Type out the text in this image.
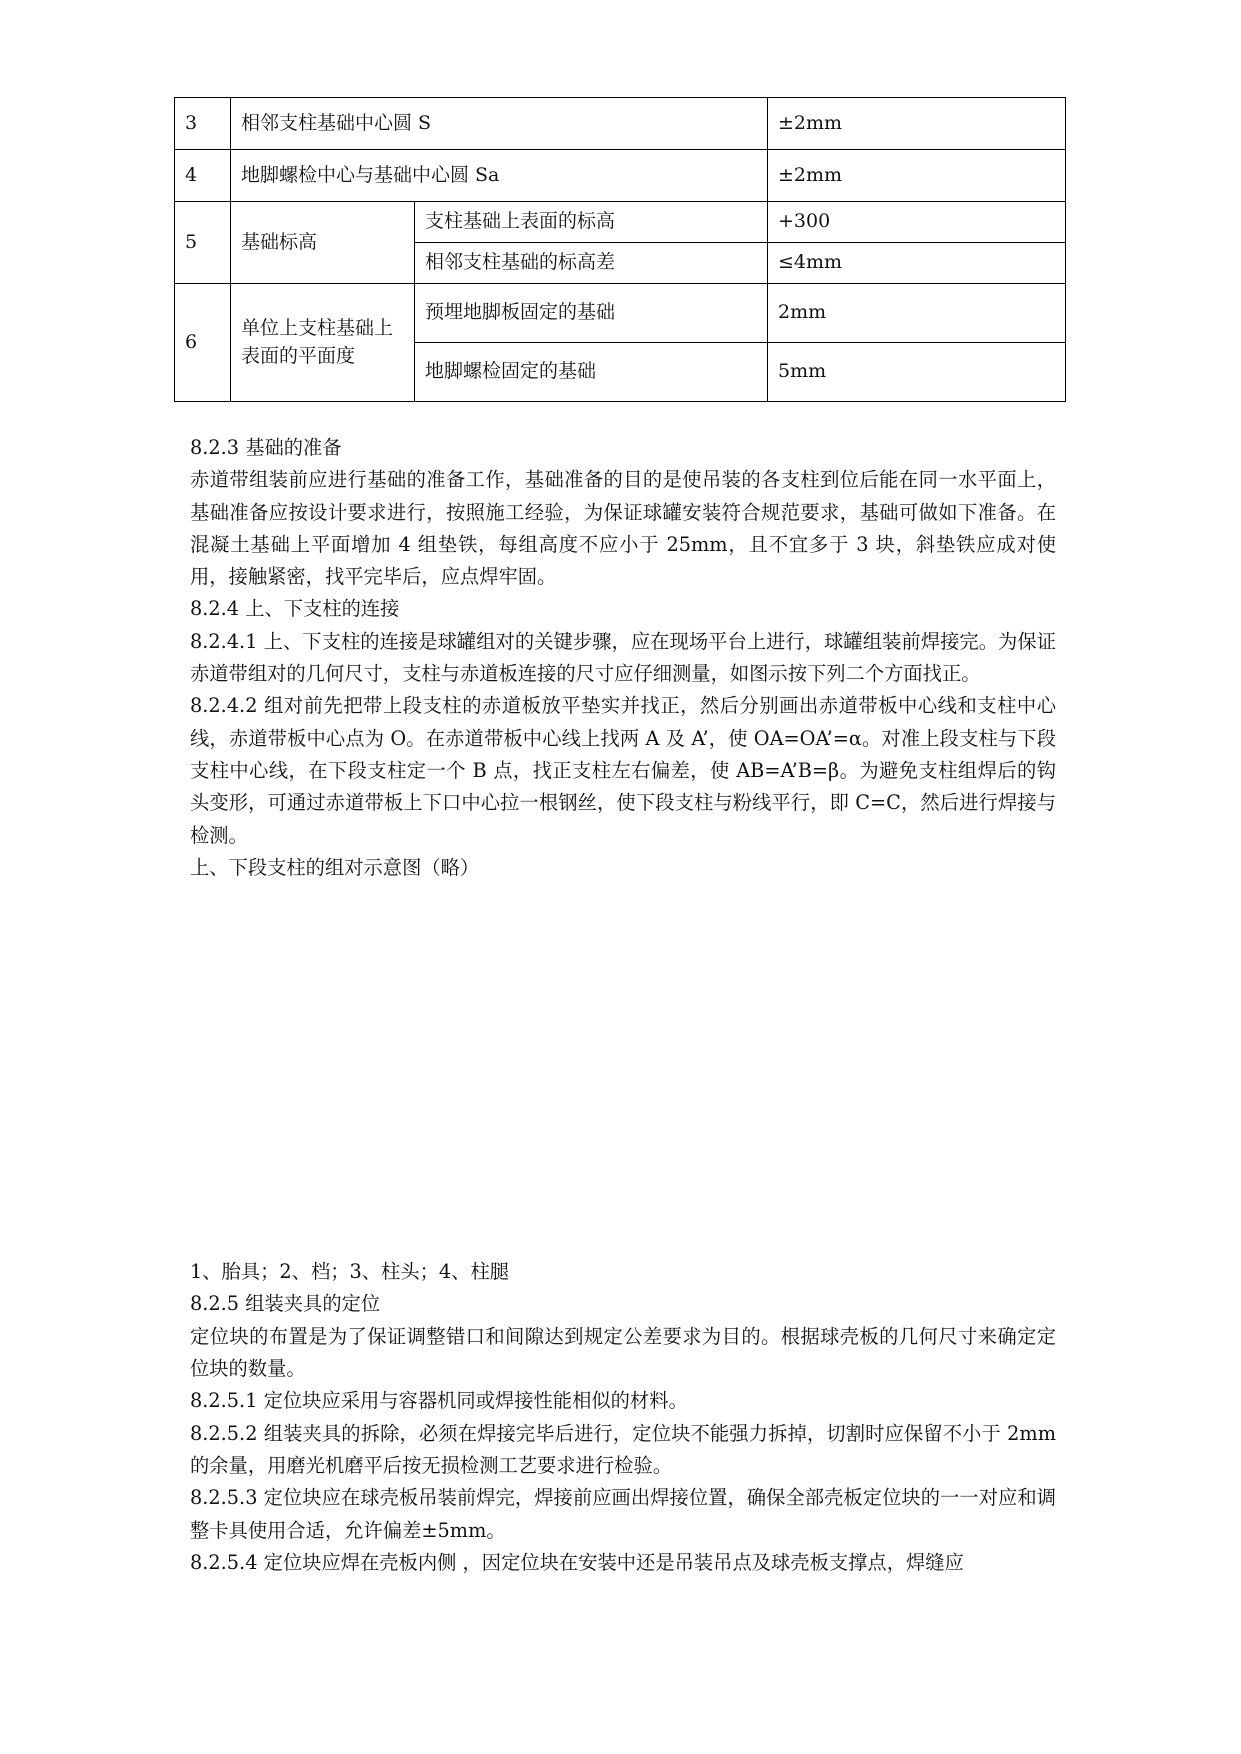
3	相邻支柱基础中心圆 S		±2mm
4	地脚螺检中心与基础中心圆 Sa		±2mm
5	基础标高	支柱基础上表面的标高	+300
		相邻支柱基础的标高差	≤4mm
6	单位上支柱基础上表面的平面度	预埋地脚板固定的基础	2mm
		地脚螺检固定的基础	5mm

8.2.3 基础的准备

赤道带组装前应进行基础的准备工作，基础准备的目的是使吊装的各支柱到位后能在同一水平面上，基础准备应按设计要求进行，按照施工经验，为保证球罐安装符合规范要求，基础可做如下准备。在混凝土基础上平面增加 4 组垫铁，每组高度不应小于 25mm，且不宜多于 3 块，斜垫铁应成对使用，接触紧密，找平完毕后，应点焊牢固。

8.2.4 上、下支柱的连接

8.2.4.1 上、下支柱的连接是球罐组对的关键步骤，应在现场平台上进行，球罐组装前焊接完。为保证赤道带组对的几何尺寸，支柱与赤道板连接的尺寸应仔细测量，如图示按下列二个方面找正。

8.2.4.2 组对前先把带上段支柱的赤道板放平垫实并找正，然后分别画出赤道带板中心线和支柱中心线，赤道带板中心点为 O。在赤道带板中心线上找两 A 及 A’，使 OA=OA’=α。对准上段支柱与下段支柱中心线，在下段支柱定一个 B 点，找正支柱左右偏差，使 AB=A’B=β。为避免支柱组焊后的钩头变形，可通过赤道带板上下口中心拉一根钢丝，使下段支柱与粉线平行，即 C=C，然后进行焊接与检测。

上、下段支柱的组对示意图（略）

1、胎具；2、档；3、柱头；4、柱腿

8.2.5 组装夹具的定位

定位块的布置是为了保证调整错口和间隙达到规定公差要求为目的。根据球壳板的几何尺寸来确定定位块的数量。

8.2.5.1 定位块应采用与容器机同或焊接性能相似的材料。

8.2.5.2 组装夹具的拆除，必须在焊接完毕后进行，定位块不能强力拆掉，切割时应保留不小于 2mm 的余量，用磨光机磨平后按无损检测工艺要求进行检验。

8.2.5.3 定位块应在球壳板吊装前焊完，焊接前应画出焊接位置，确保全部壳板定位块的一一对应和调整卡具使用合适，允许偏差±5mm。

8.2.5.4 定位块应焊在壳板内侧 ，因定位块在安装中还是吊装吊点及球壳板支撑点，焊缝应
